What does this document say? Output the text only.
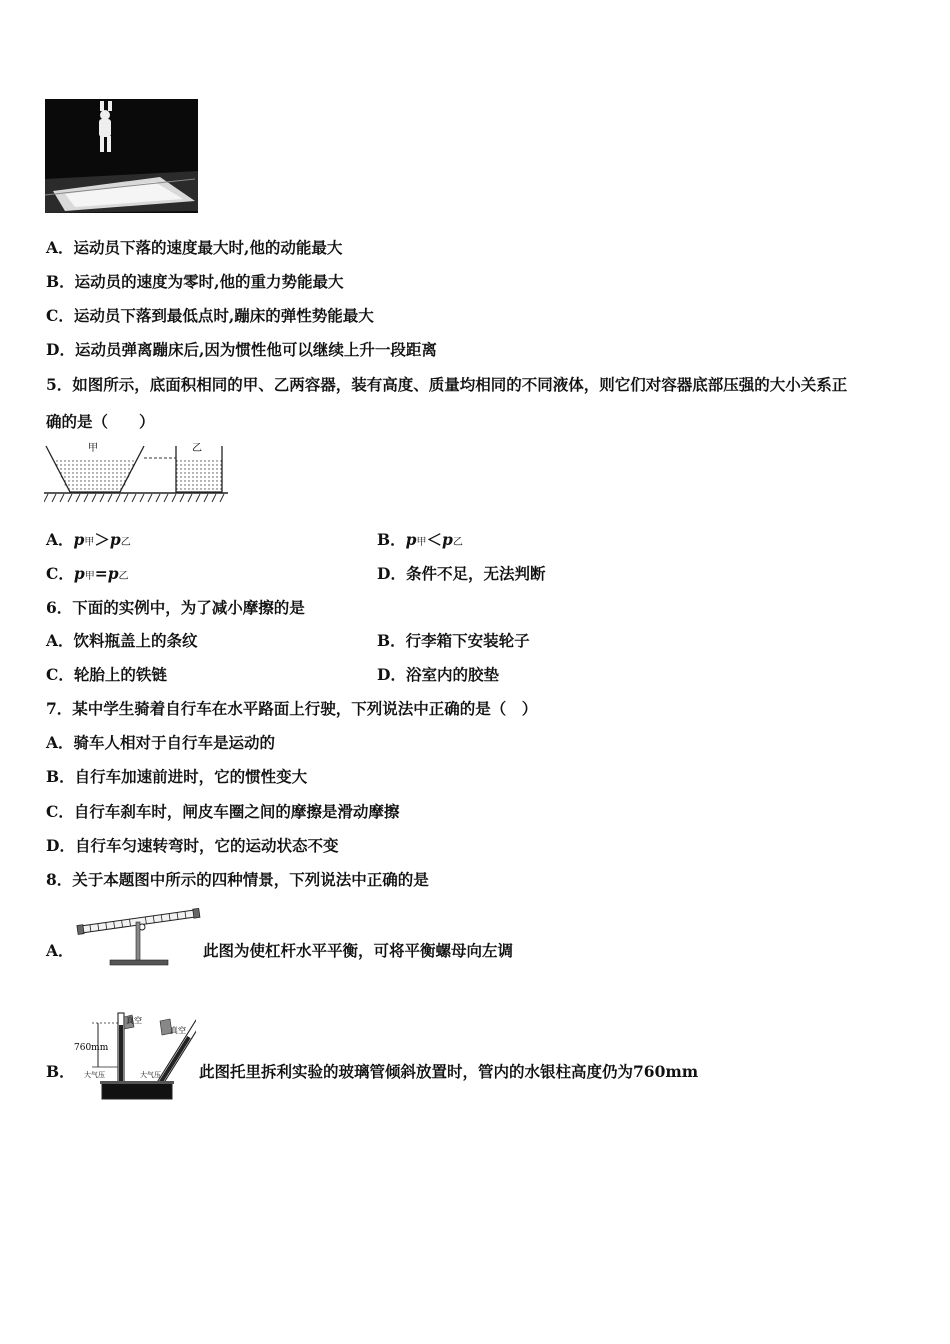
A．运动员下落的速度最大时,他的动能最大
B．运动员的速度为零时,他的重力势能最大
C．运动员下落到最低点时,蹦床的弹性势能最大
D．运动员弹离蹦床后,因为惯性他可以继续上升一段距离
5．如图所示，底面积相同的甲、乙两容器，装有高度、质量均相同的不同液体，则它们对容器底部压强的大小关系正
确的是（　　）
甲	乙
A．p甲＞p乙	B．p甲＜p乙
C．p甲=p乙	D．条件不足，无法判断
6．下面的实例中，为了减小摩擦的是
A．饮料瓶盖上的条纹	B．行李箱下安装轮子
C．轮胎上的铁链	D．浴室内的胶垫
7．某中学生骑着自行车在水平路面上行驶，下列说法中正确的是（　）
A．骑车人相对于自行车是运动的
B．自行车加速前进时，它的惯性变大
C．自行车刹车时，闸皮车圈之间的摩擦是滑动摩擦
D．自行车匀速转弯时，它的运动状态不变
8．关于本题图中所示的四种情景，下列说法中正确的是
A．	此图为使杠杆水平平衡，可将平衡螺母向左调
B．
760mm
真空
真空
大气压	大气压 此图托里拆利实验的玻璃管倾斜放置时，管内的水银柱高度仍为760mm
